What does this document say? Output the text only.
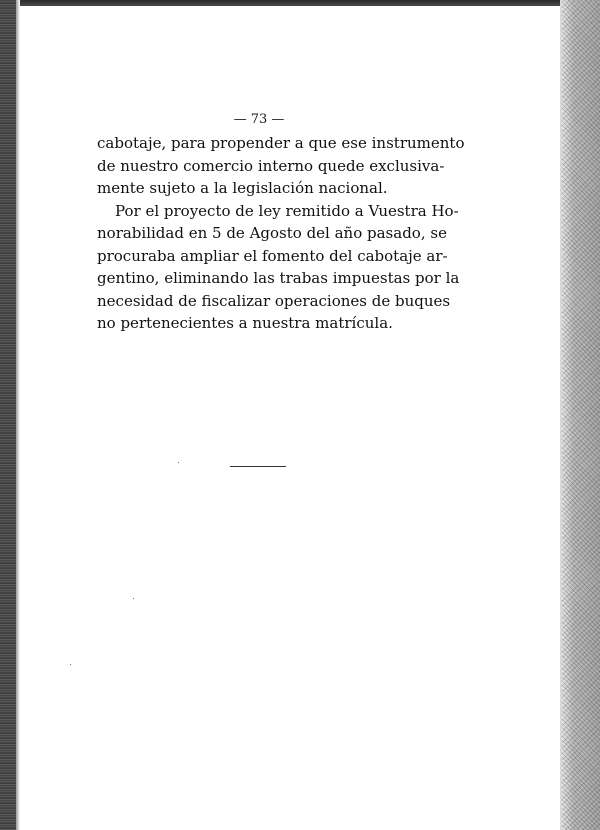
— 73 —
cabotaje, para propender a que ese instrumento
de nuestro comercio interno quede exclusiva-
mente sujeto a la legislación nacional.
Por el proyecto de ley remitido a Vuestra Ho-
norabilidad en 5 de Agosto del año pasado, se
procuraba ampliar el fomento del cabotaje ar-
gentino, eliminando las trabas impuestas por la
necesidad de fiscalizar operaciones de buques
no pertenecientes a nuestra matrícula.
